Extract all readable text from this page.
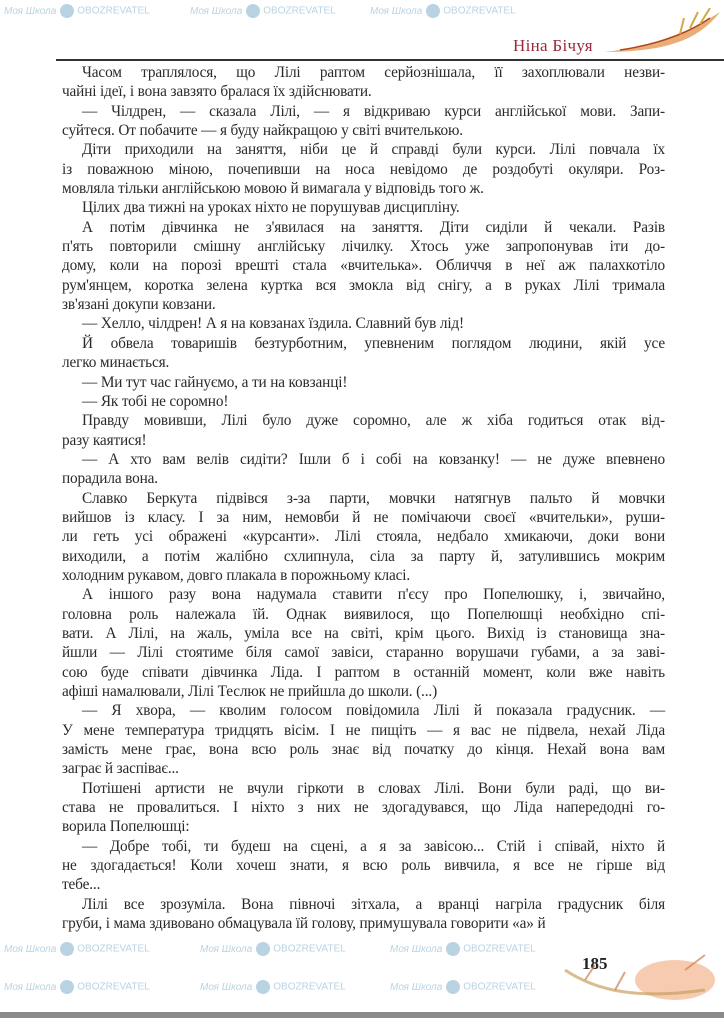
Моя Школа OBOZREVATEL	Моя Школа OBOZREVATEL	Моя Школа OBOZREVATEL
Моя Школа OBOZREVATEL	Моя Школа OBOZREVATEL	Моя Школа OBOZREVATEL
Моя Школа OBOZREVATEL	Моя Школа OBOZREVATEL	Моя Школа OBOZREVATEL
Ніна Бічуя
Часом траплялося, що Лілі раптом серйознішала, її захоплювали незви-
чайні ідеї, і вона завзято бралася їх здійснювати.
— Чілдрен, — сказала Лілі, — я відкриваю курси англійської мови. Запи-
суйтеся. От побачите — я буду найкращою у світі вчителькою.
Діти приходили на заняття, ніби це й справді були курси. Лілі повчала їх
із поважною міною, почепивши на носа невідомо де роздобуті окуляри. Роз-
мовляла тільки англійською мовою й вимагала у відповідь того ж.
Цілих два тижні на уроках ніхто не порушував дисципліну.
А потім дівчинка не з'явилася на заняття. Діти сиділи й чекали. Разів
п'ять повторили смішну англійську лічилку. Хтось уже запропонував іти до-
дому, коли на порозі врешті стала «вчителька». Обличчя в неї аж палахкотіло
рум'янцем, коротка зелена куртка вся змокла від снігу, а в руках Лілі тримала
зв'язані докупи ковзани.
— Хелло, чілдрен! А я на ковзанах їздила. Славний був лід!
Й обвела товаришів безтурботним, упевненим поглядом людини, якій усе
легко минається.
— Ми тут час гайнуємо, а ти на ковзанці!
— Як тобі не соромно!
Правду мовивши, Лілі було дуже соромно, але ж хіба годиться отак від-
разу каятися!
— А хто вам велів сидіти? Ішли б і собі на ковзанку! — не дуже впевнено
порадила вона.
Славко Беркута підвівся з-за парти, мовчки натягнув пальто й мовчки
вийшов із класу. І за ним, немовби й не помічаючи своєї «вчительки», руши-
ли геть усі ображені «курсанти». Лілі стояла, недбало хмикаючи, доки вони
виходили, а потім жалібно схлипнула, сіла за парту й, затулившись мокрим
холодним рукавом, довго плакала в порожньому класі.
А іншого разу вона надумала ставити п'єсу про Попелюшку, і, звичайно,
головна роль належала їй. Однак виявилося, що Попелюшці необхідно спі-
вати. А Лілі, на жаль, уміла все на світі, крім цього. Вихід із становища зна-
йшли — Лілі стоятиме біля самої завіси, старанно ворушачи губами, а за заві-
сою буде співати дівчинка Ліда. І раптом в останній момент, коли вже навіть
афіші намалювали, Лілі Теслюк не прийшла до школи. (...)
— Я хвора, — кволим голосом повідомила Лілі й показала градусник. —
У мене температура тридцять вісім. І не пищіть — я вас не підвела, нехай Ліда
замість мене грає, вона всю роль знає від початку до кінця. Нехай вона вам
заграє й заспіває...
Потішені артисти не вчули гіркоти в словах Лілі. Вони були раді, що ви-
става не провалиться. І ніхто з них не здогадувався, що Ліда напередодні го-
ворила Попелюшці:
— Добре тобі, ти будеш на сцені, а я за завісою... Стій і співай, ніхто й
не здогадається! Коли хочеш знати, я всю роль вивчила, я все не гірше від
тебе...
Лілі все зрозуміла. Вона півночі зітхала, а вранці нагріла градусник біля
груби, і мама здивовано обмацувала їй голову, примушувала говорити «а» й
185
